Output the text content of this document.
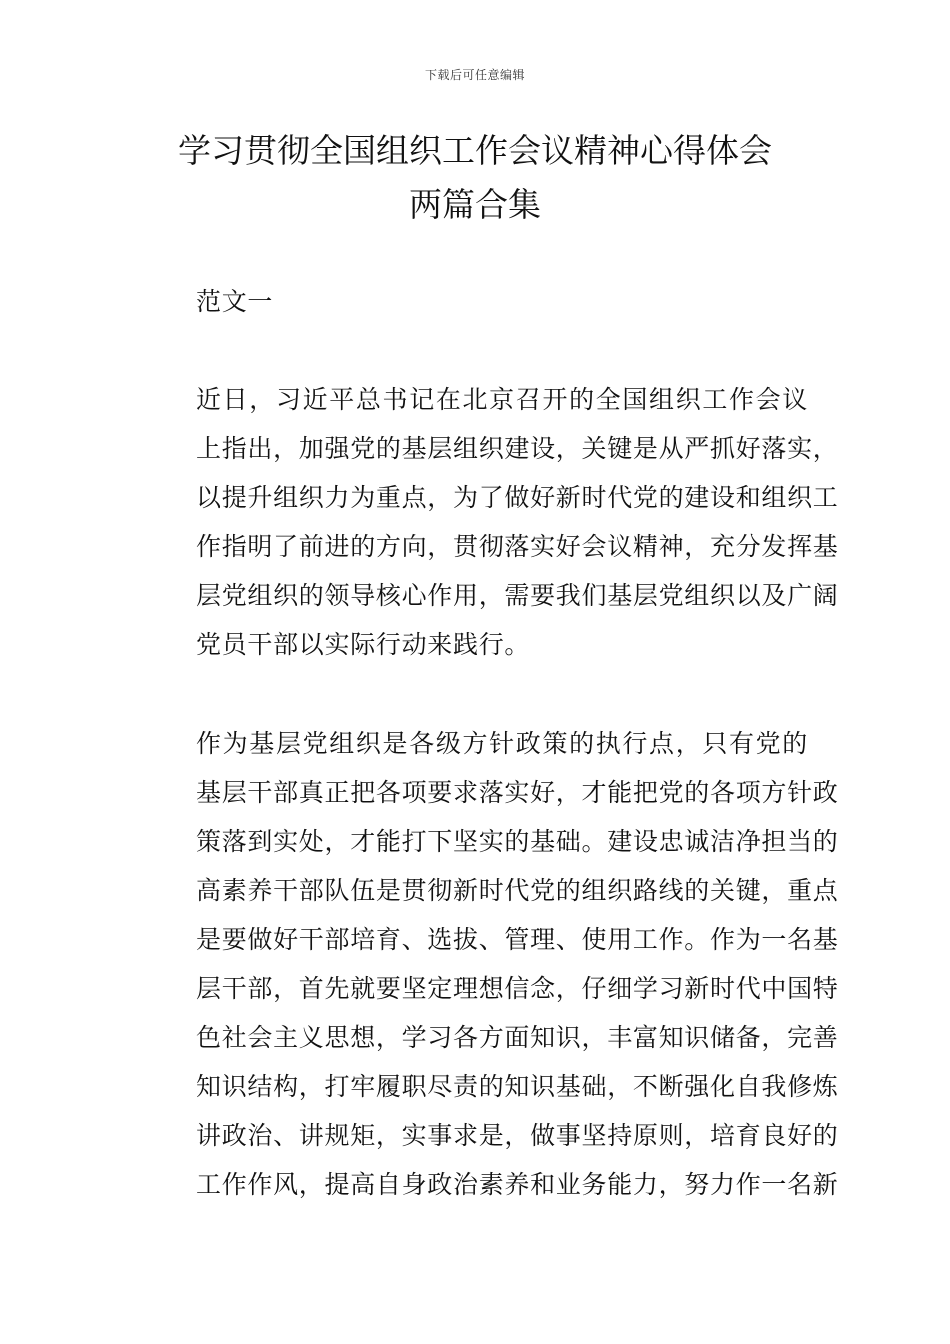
下载后可任意编辑
学习贯彻全国组织工作会议精神心得体会
两篇合集

范文一

近日，习近平总书记在北京召开的全国组织工作会议
上指出，加强党的基层组织建设，关键是从严抓好落实，
以提升组织力为重点，为了做好新时代党的建设和组织工
作指明了前进的方向，贯彻落实好会议精神，充分发挥基
层党组织的领导核心作用，需要我们基层党组织以及广阔
党员干部以实际行动来践行。
作为基层党组织是各级方针政策的执行点，只有党的
基层干部真正把各项要求落实好，才能把党的各项方针政
策落到实处，才能打下坚实的基础。建设忠诚洁净担当的
高素养干部队伍是贯彻新时代党的组织路线的关键，重点
是要做好干部培育、选拔、管理、使用工作。作为一名基
层干部，首先就要坚定理想信念，仔细学习新时代中国特
色社会主义思想，学习各方面知识，丰富知识储备，完善
知识结构，打牢履职尽责的知识基础，不断强化自我修炼
讲政治、讲规矩，实事求是，做事坚持原则，培育良好的
工作作风，提高自身政治素养和业务能力，努力作一名新
